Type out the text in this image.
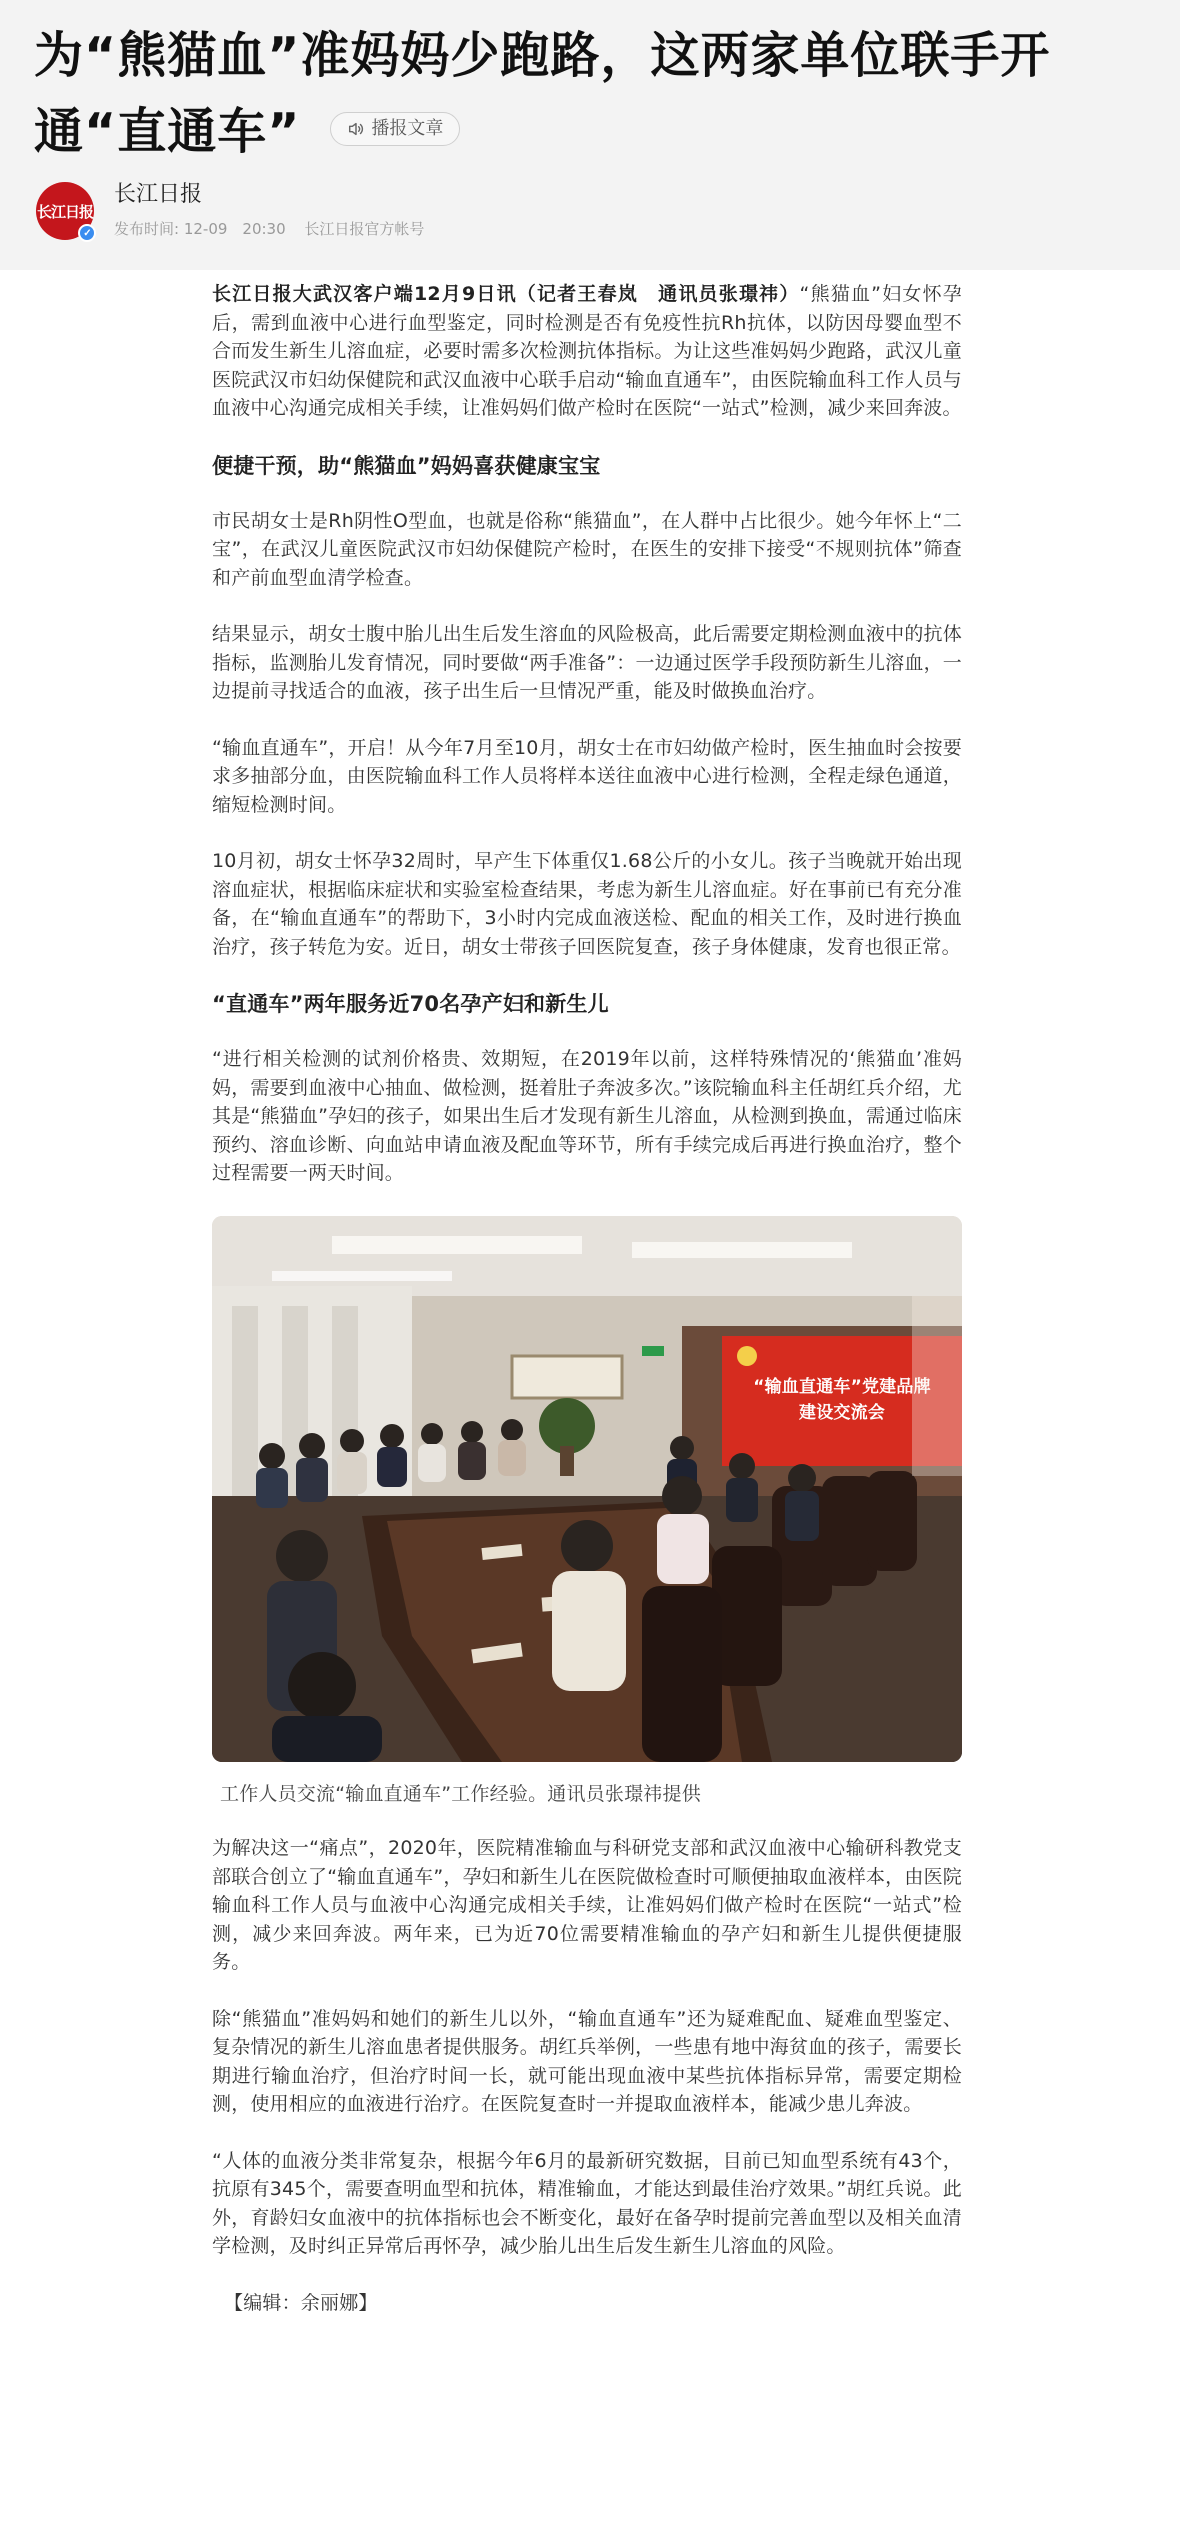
为“熊猫血”准妈妈少跑路，这两家单位联手开通“直通车”	播报文章
长江日报
✓
长江日报
发布时间: 12-09　20:30 长江日报官方帐号

长江日报大武汉客户端12月9日讯（记者王春岚　通讯员张璟祎）“熊猫血”妇女怀孕后，需到血液中心进行血型鉴定，同时检测是否有免疫性抗Rh抗体，以防因母婴血型不合而发生新生儿溶血症，必要时需多次检测抗体指标。为让这些准妈妈少跑路，武汉儿童医院武汉市妇幼保健院和武汉血液中心联手启动“输血直通车”，由医院输血科工作人员与血液中心沟通完成相关手续，让准妈妈们做产检时在医院“一站式”检测，减少来回奔波。

便捷干预，助“熊猫血”妈妈喜获健康宝宝

市民胡女士是Rh阴性O型血，也就是俗称“熊猫血”，在人群中占比很少。她今年怀上“二宝”，在武汉儿童医院武汉市妇幼保健院产检时，在医生的安排下接受“不规则抗体”筛查和产前血型血清学检查。

结果显示，胡女士腹中胎儿出生后发生溶血的风险极高，此后需要定期检测血液中的抗体指标，监测胎儿发育情况，同时要做“两手准备”：一边通过医学手段预防新生儿溶血，一边提前寻找适合的血液，孩子出生后一旦情况严重，能及时做换血治疗。

“输血直通车”，开启！从今年7月至10月，胡女士在市妇幼做产检时，医生抽血时会按要求多抽部分血，由医院输血科工作人员将样本送往血液中心进行检测，全程走绿色通道，缩短检测时间。

10月初，胡女士怀孕32周时，早产生下体重仅1.68公斤的小女儿。孩子当晚就开始出现溶血症状，根据临床症状和实验室检查结果，考虑为新生儿溶血症。好在事前已有充分准备，在“输血直通车”的帮助下，3小时内完成血液送检、配血的相关工作，及时进行换血治疗，孩子转危为安。近日，胡女士带孩子回医院复查，孩子身体健康，发育也很正常。

“直通车”两年服务近70名孕产妇和新生儿

“进行相关检测的试剂价格贵、效期短，在2019年以前，这样特殊情况的‘熊猫血’准妈妈，需要到血液中心抽血、做检测，挺着肚子奔波多次。”该院输血科主任胡红兵介绍，尤其是“熊猫血”孕妇的孩子，如果出生后才发现有新生儿溶血，从检测到换血，需通过临床预约、溶血诊断、向血站申请血液及配血等环节，所有手续完成后再进行换血治疗，整个过程需要一两天时间。

“输血直通车”党建品牌
建设交流会

工作人员交流“输血直通车”工作经验。通讯员张璟祎提供

为解决这一“痛点”，2020年，医院精准输血与科研党支部和武汉血液中心输研科教党支部联合创立了“输血直通车”，孕妇和新生儿在医院做检查时可顺便抽取血液样本，由医院输血科工作人员与血液中心沟通完成相关手续，让准妈妈们做产检时在医院“一站式”检测，减少来回奔波。两年来，已为近70位需要精准输血的孕产妇和新生儿提供便捷服务。

除“熊猫血”准妈妈和她们的新生儿以外，“输血直通车”还为疑难配血、疑难血型鉴定、复杂情况的新生儿溶血患者提供服务。胡红兵举例，一些患有地中海贫血的孩子，需要长期进行输血治疗，但治疗时间一长，就可能出现血液中某些抗体指标异常，需要定期检测，使用相应的血液进行治疗。在医院复查时一并提取血液样本，能减少患儿奔波。

“人体的血液分类非常复杂，根据今年6月的最新研究数据，目前已知血型系统有43个，抗原有345个，需要查明血型和抗体，精准输血，才能达到最佳治疗效果。”胡红兵说。此外，育龄妇女血液中的抗体指标也会不断变化，最好在备孕时提前完善血型以及相关血清学检测，及时纠正异常后再怀孕，减少胎儿出生后发生新生儿溶血的风险。

【编辑：余丽娜】
